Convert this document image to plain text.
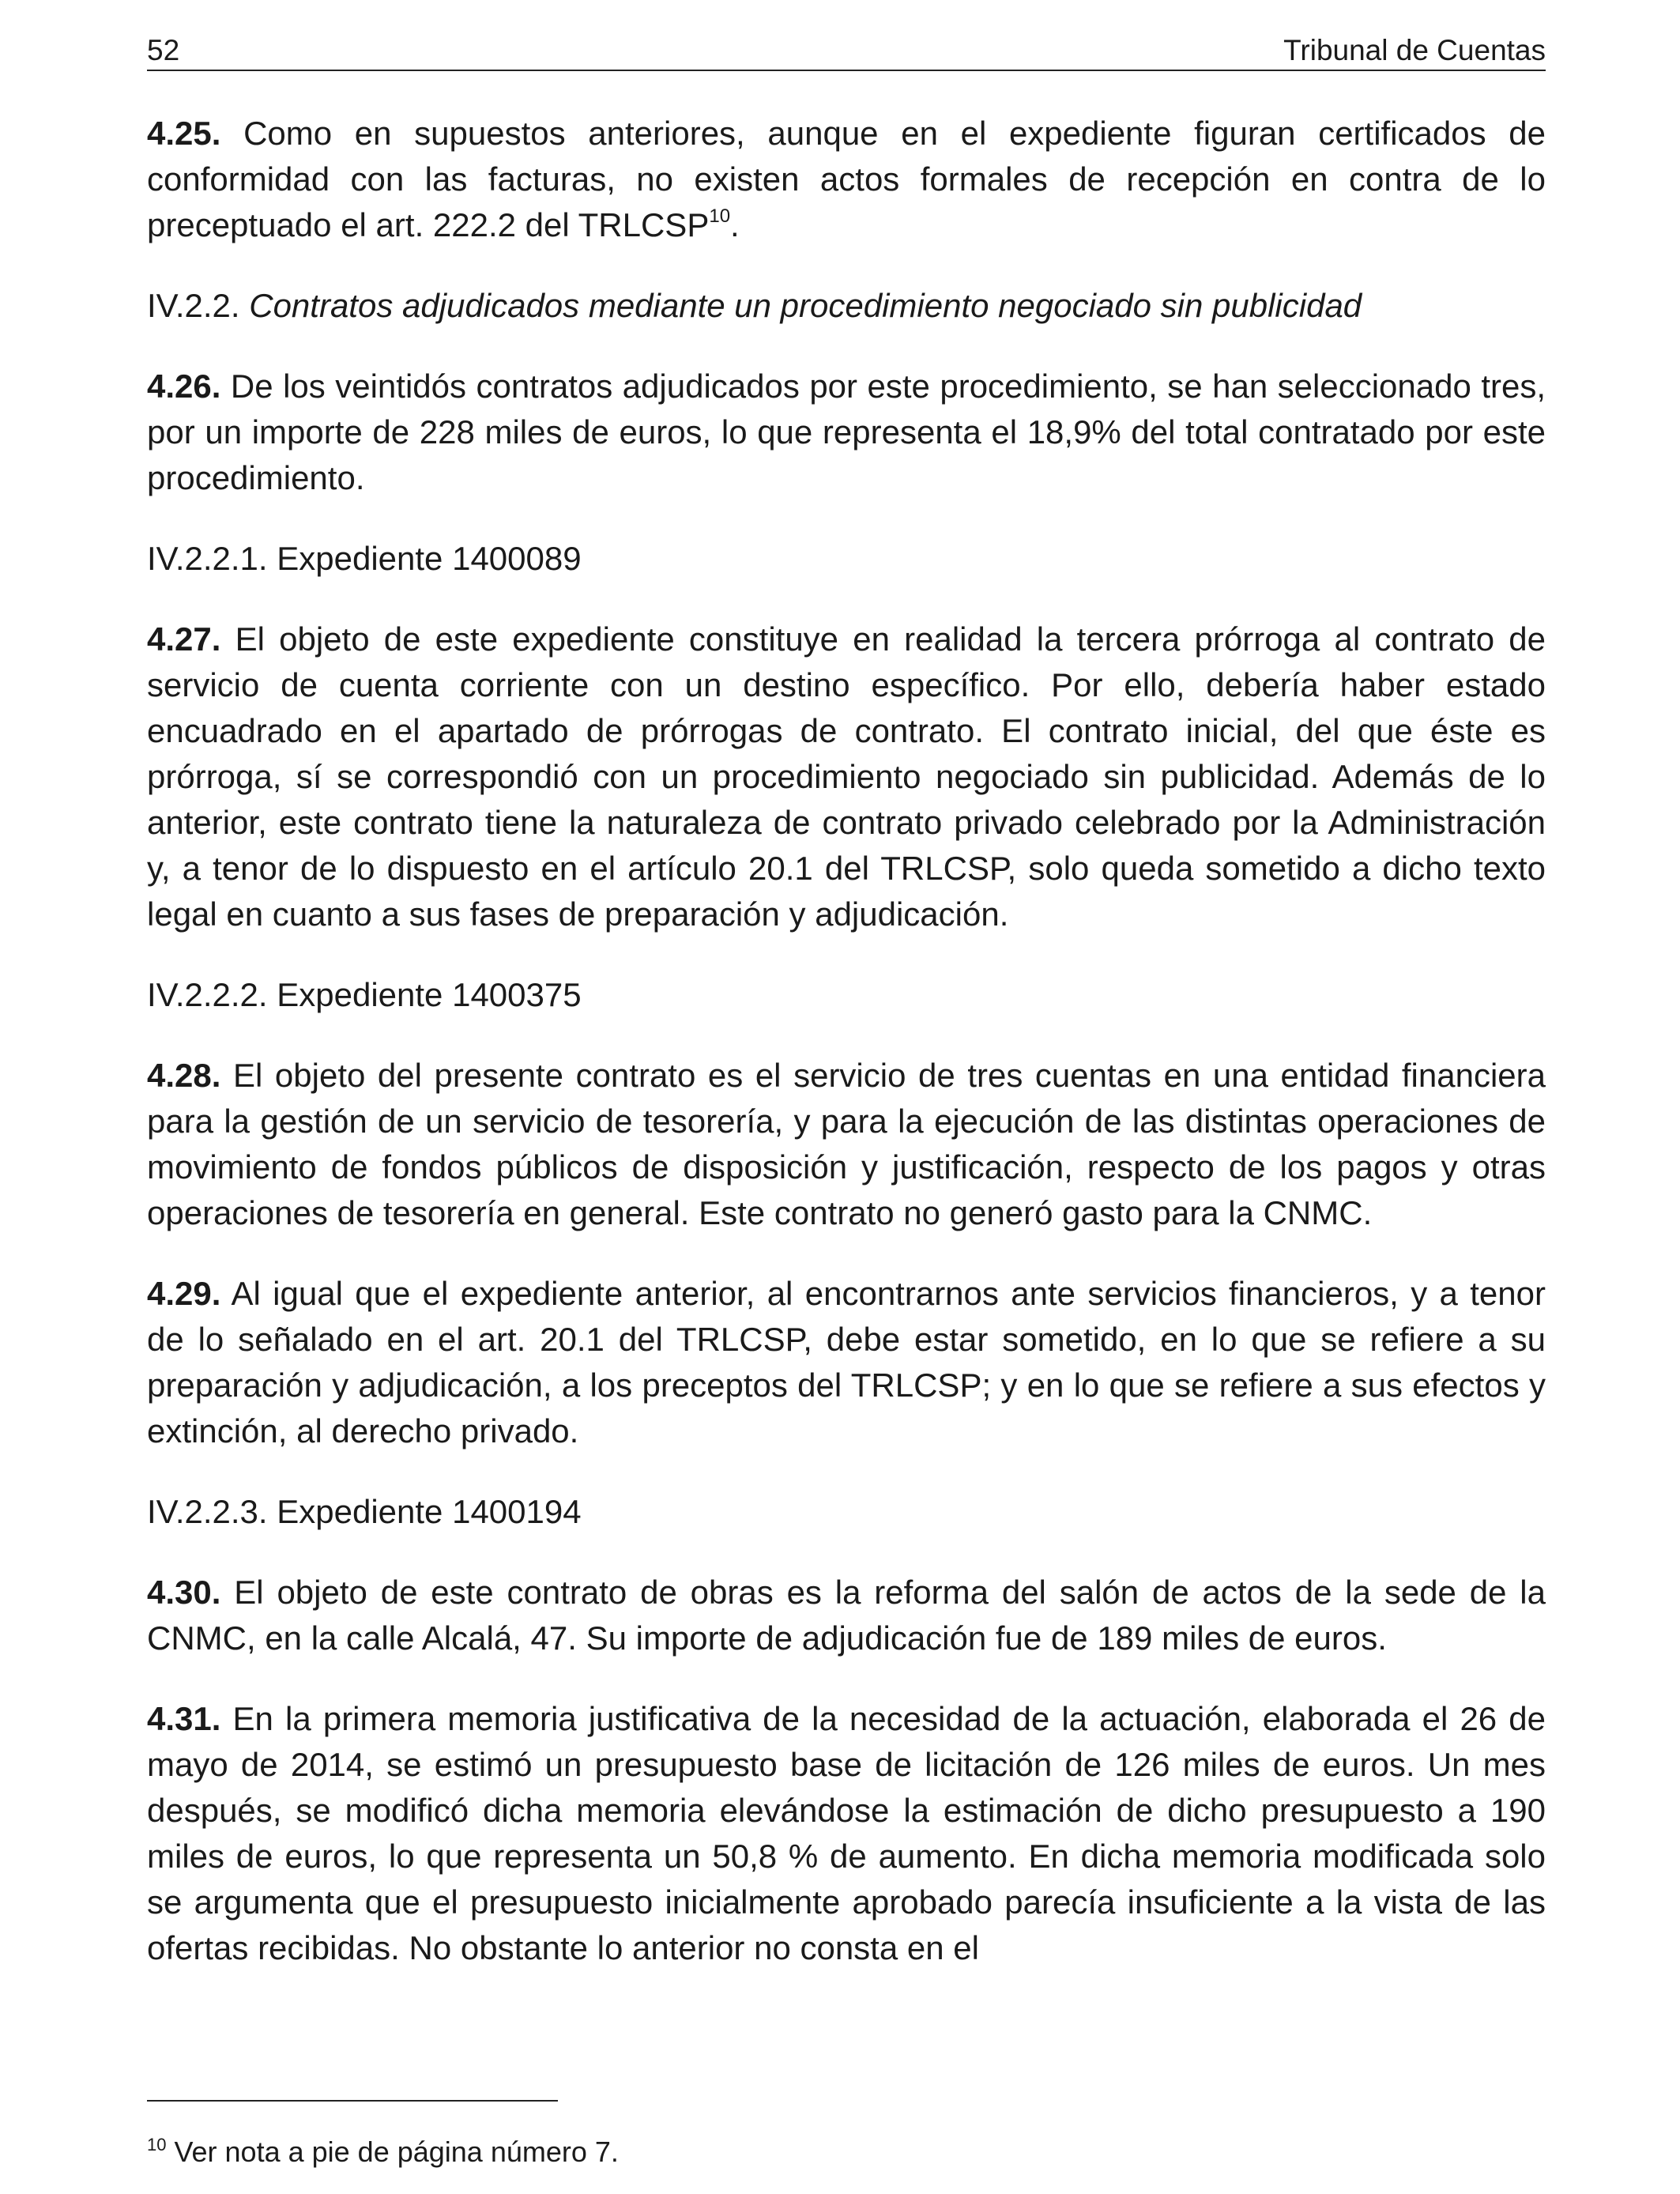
52	Tribunal de Cuentas

4.25. Como en supuestos anteriores, aunque en el expediente figuran certificados de conformidad con las facturas, no existen actos formales de recepción en contra de lo preceptuado el art. 222.2 del TRLCSP$^{10}$.

IV.2.2. Contratos adjudicados mediante un procedimiento negociado sin publicidad

4.26. De los veintidós contratos adjudicados por este procedimiento, se han seleccionado tres, por un importe de 228 miles de euros, lo que representa el 18,9% del total contratado por este procedimiento.

IV.2.2.1. Expediente 1400089

4.27. El objeto de este expediente constituye en realidad la tercera prórroga al contrato de servicio de cuenta corriente con un destino específico. Por ello, debería haber estado encuadrado en el apartado de prórrogas de contrato. El contrato inicial, del que éste es prórroga, sí se correspondió con un procedimiento negociado sin publicidad. Además de lo anterior, este contrato tiene la naturaleza de contrato privado celebrado por la Administración y, a tenor de lo dispuesto en el artículo 20.1 del TRLCSP, solo queda sometido a dicho texto legal en cuanto a sus fases de preparación y adjudicación.

IV.2.2.2. Expediente 1400375

4.28. El objeto del presente contrato es el servicio de tres cuentas en una entidad financiera para la gestión de un servicio de tesorería, y para la ejecución de las distintas operaciones de movimiento de fondos públicos de disposición y justificación, respecto de los pagos y otras operaciones de tesorería en general. Este contrato no generó gasto para la CNMC.

4.29. Al igual que el expediente anterior, al encontrarnos ante servicios financieros, y a tenor de lo señalado en el art. 20.1 del TRLCSP, debe estar sometido, en lo que se refiere a su preparación y adjudicación, a los preceptos del TRLCSP; y en lo que se refiere a sus efectos y extinción, al derecho privado.

IV.2.2.3. Expediente 1400194

4.30. El objeto de este contrato de obras es la reforma del salón de actos de la sede de la CNMC, en la calle Alcalá, 47. Su importe de adjudicación fue de 189 miles de euros.

4.31. En la primera memoria justificativa de la necesidad de la actuación, elaborada el 26 de mayo de 2014, se estimó un presupuesto base de licitación de 126 miles de euros. Un mes después, se modificó dicha memoria elevándose la estimación de dicho presupuesto a 190 miles de euros, lo que representa un 50,8 % de aumento. En dicha memoria modificada solo se argumenta que el presupuesto inicialmente aprobado parecía insuficiente a la vista de las ofertas recibidas. No obstante lo anterior no consta en el

$^{10}$ Ver nota a pie de página número 7.
